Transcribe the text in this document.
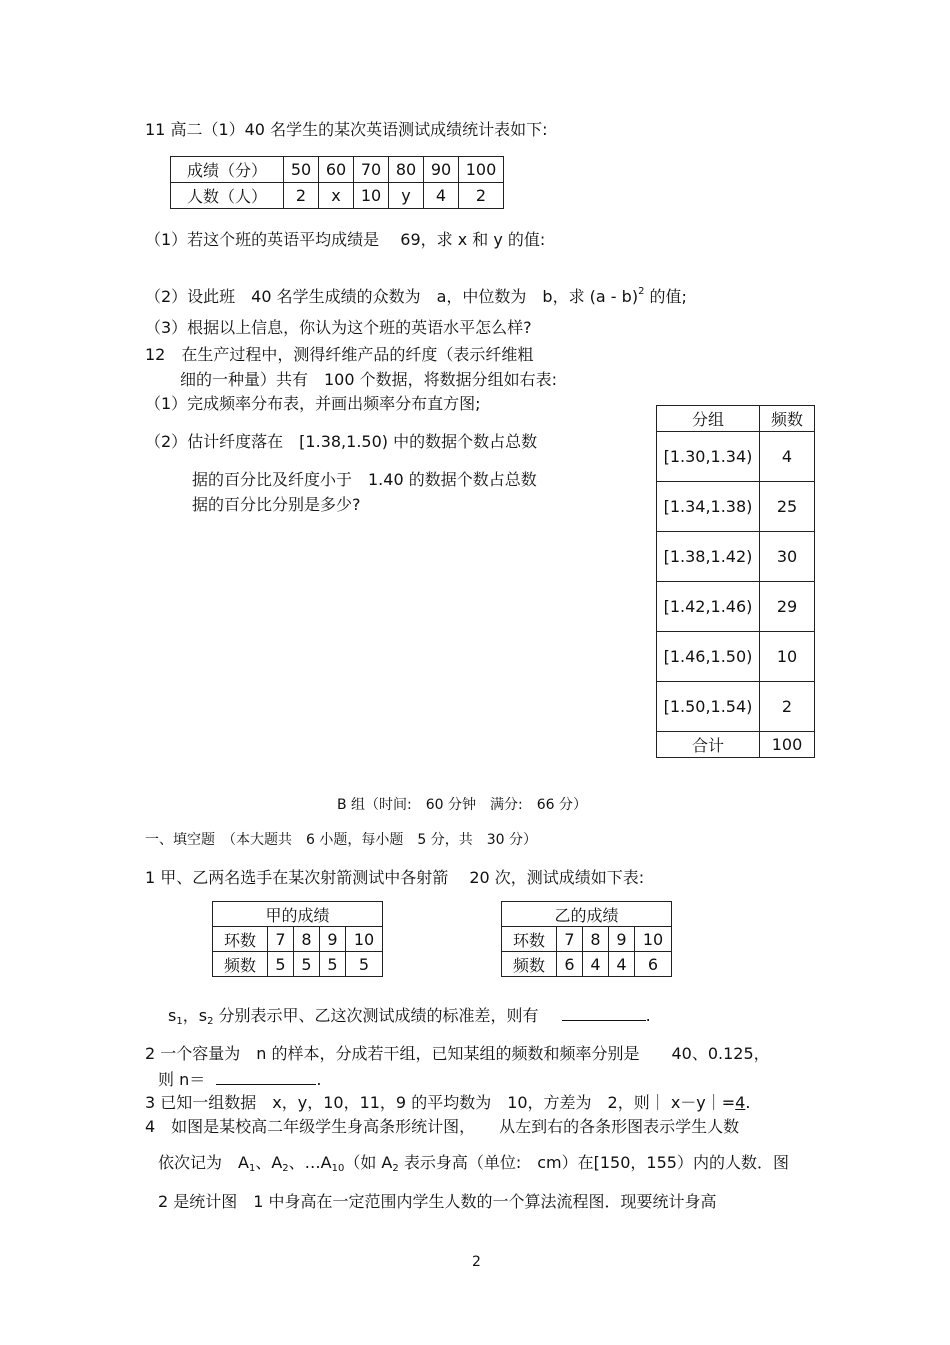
11 高二（1）40 名学生的某次英语测试成绩统计表如下:
成绩（分）	50	60	70	80	90	100
人数（人）	2	x	10	y	4	2
（1）若这个班的英语平均成绩是　 69，求 x 和 y 的值:
（2）设此班　40 名学生成绩的众数为　a，中位数为　b，求 (a - b)$^2$ 的值;
（3）根据以上信息，你认为这个班的英语水平怎么样?
12　在生产过程中，测得纤维产品的纤度（表示纤维粗
细的一种量）共有　100 个数据，将数据分组如右表:
（1）完成频率分布表，并画出频率分布直方图;
（2）估计纤度落在　[1.38,1.50) 中的数据个数占总数
据的百分比及纤度小于　1.40 的数据个数占总数
据的百分比分别是多少?
分组	频数
[1.30,1.34)	4
[1.34,1.38)	25
[1.38,1.42)	30
[1.42,1.46)	29
[1.46,1.50)	10
[1.50,1.54)	2
合计	100
B 组（时间:　60 分钟　满分:　66 分）
一、填空题　（本大题共　6 小题，每小题　5 分，共　30 分）
1 甲、乙两名选手在某次射箭测试中各射箭　 20 次，测试成绩如下表:
甲的成绩				
环数	7	8	9	10
频数	5	5	5	5
乙的成绩				
环数	7	8	9	10
频数	6	4	4	6
$s_1$，$s_2$ 分别表示甲、乙这次测试成绩的标准差，则有	.
2 一个容量为　n 的样本，分成若干组，已知某组的频数和频率分别是　　40、0.125，
则 n＝	.
3 已知一组数据　x，y，10，11，9 的平均数为　10，方差为　2，则｜ x－y｜=4.
4　如图是某校高二年级学生身高条形统计图，　　从左到右的各条形图表示学生人数
依次记为　$A_1$、$A_2$、$\dots A_{10}$（如 $A_2$ 表示身高（单位:　cm）在[150，155）内的人数．图
2 是统计图　1 中身高在一定范围内学生人数的一个算法流程图．现要统计身高
2
